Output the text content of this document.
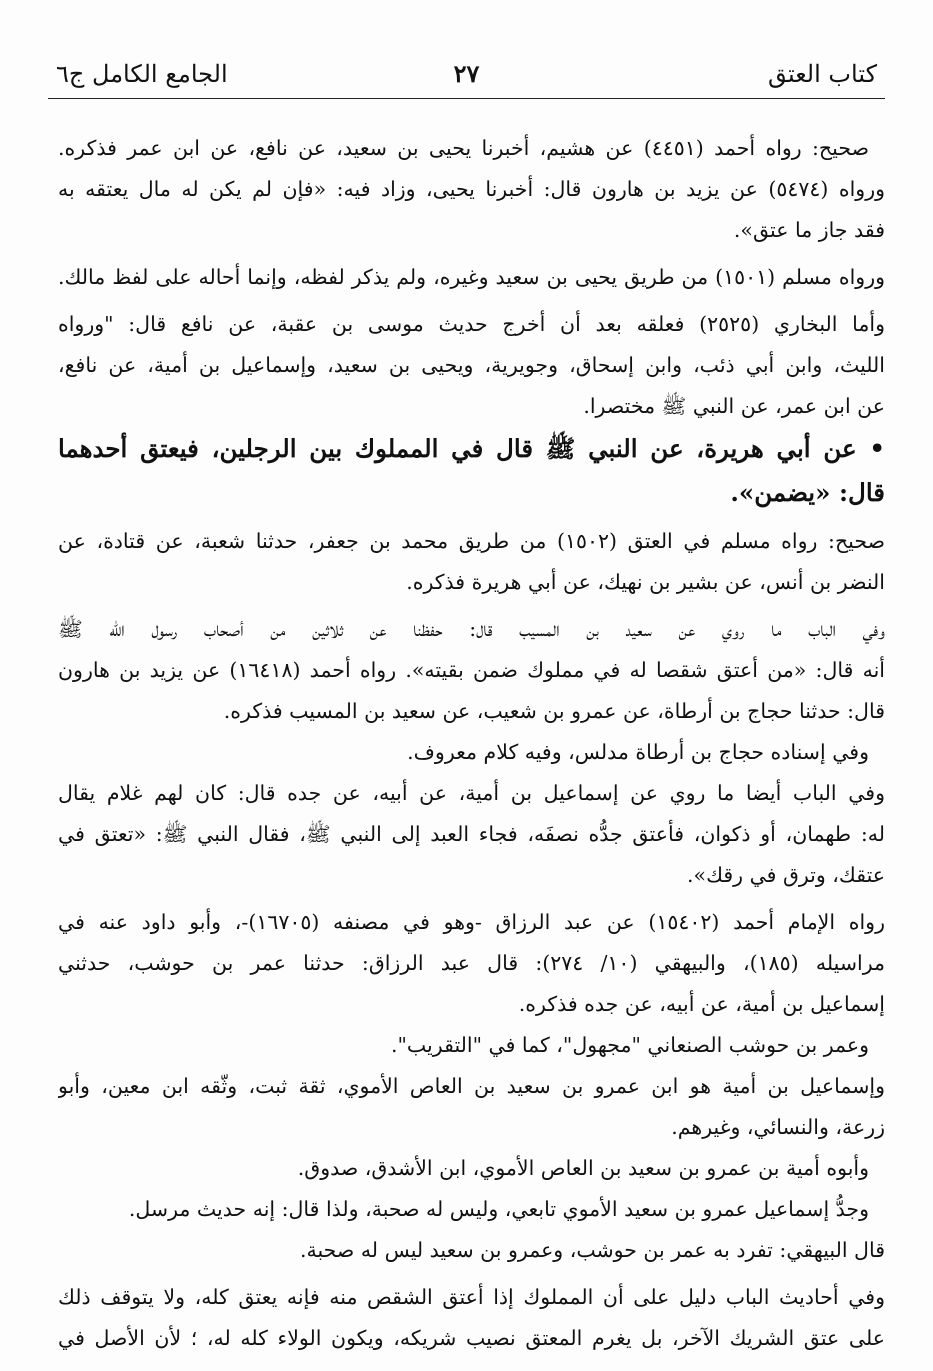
كتاب العتق
٢٧
الجامع الكامل ج٦
صحيح: رواه أحمد (٤٤٥١) عن هشيم، أخبرنا يحيى بن سعيد، عن نافع، عن ابن عمر فذكره.
ورواه (٥٤٧٤) عن يزيد بن هارون قال: أخبرنا يحيى، وزاد فيه: «فإن لم يكن له مال يعتقه به
فقد جاز ما عتق».
ورواه مسلم (١٥٠١) من طريق يحيى بن سعيد وغيره، ولم يذكر لفظه، وإنما أحاله على لفظ مالك.
وأما البخاري (٢٥٢٥) فعلقه بعد أن أخرج حديث موسى بن عقبة، عن نافع قال: "ورواه
الليث، وابن أبي ذئب، وابن إسحاق، وجويرية، ويحيى بن سعيد، وإسماعيل بن أمية، عن نافع،
عن ابن عمر، عن النبي ﷺ مختصرا.
• عن أبي هريرة، عن النبي ﷺ قال في المملوك بين الرجلين، فيعتق أحدهما
قال: «يضمن».
صحيح: رواه مسلم في العتق (١٥٠٢) من طريق محمد بن جعفر، حدثنا شعبة، عن قتادة، عن
النضر بن أنس، عن بشير بن نهيك، عن أبي هريرة فذكره.
وفي الباب ما روي عن سعيد بن المسيب قال: حفظنا عن ثلاثين من أصحاب رسول الله ﷺ
أنه قال: «من أعتق شقصا له في مملوك ضمن بقيته». رواه أحمد (١٦٤١٨) عن يزيد بن هارون
قال: حدثنا حجاج بن أرطاة، عن عمرو بن شعيب، عن سعيد بن المسيب فذكره.
وفي إسناده حجاج بن أرطاة مدلس، وفيه كلام معروف.
وفي الباب أيضا ما روي عن إسماعيل بن أمية، عن أبيه، عن جده قال: كان لهم غلام يقال
له: طهمان، أو ذكوان، فأعتق جدُّه نصفَه، فجاء العبد إلى النبي ﷺ، فقال النبي ﷺ: «تعتق في
عتقك، وترق في رقك».
رواه الإمام أحمد (١٥٤٠٢) عن عبد الرزاق -وهو في مصنفه (١٦٧٠٥)-، وأبو داود عنه في
مراسيله (١٨٥)، والبيهقي (١٠/ ٢٧٤): قال عبد الرزاق: حدثنا عمر بن حوشب، حدثني
إسماعيل بن أمية، عن أبيه، عن جده فذكره.
وعمر بن حوشب الصنعاني "مجهول"، كما في "التقريب".
وإسماعيل بن أمية هو ابن عمرو بن سعيد بن العاص الأموي، ثقة ثبت، وثّقه ابن معين، وأبو
زرعة، والنسائي، وغيرهم.
وأبوه أمية بن عمرو بن سعيد بن العاص الأموي، ابن الأشدق، صدوق.
وجدُّ إسماعيل عمرو بن سعيد الأموي تابعي، وليس له صحبة، ولذا قال: إنه حديث مرسل.
قال البيهقي: تفرد به عمر بن حوشب، وعمرو بن سعيد ليس له صحبة.
وفي أحاديث الباب دليل على أن المملوك إذا أعتق الشقص منه فإنه يعتق كله، ولا يتوقف ذلك
على عتق الشريك الآخر، بل يغرم المعتق نصيب شريكه، ويكون الولاء كله له، ؛ لأن الأصل في
